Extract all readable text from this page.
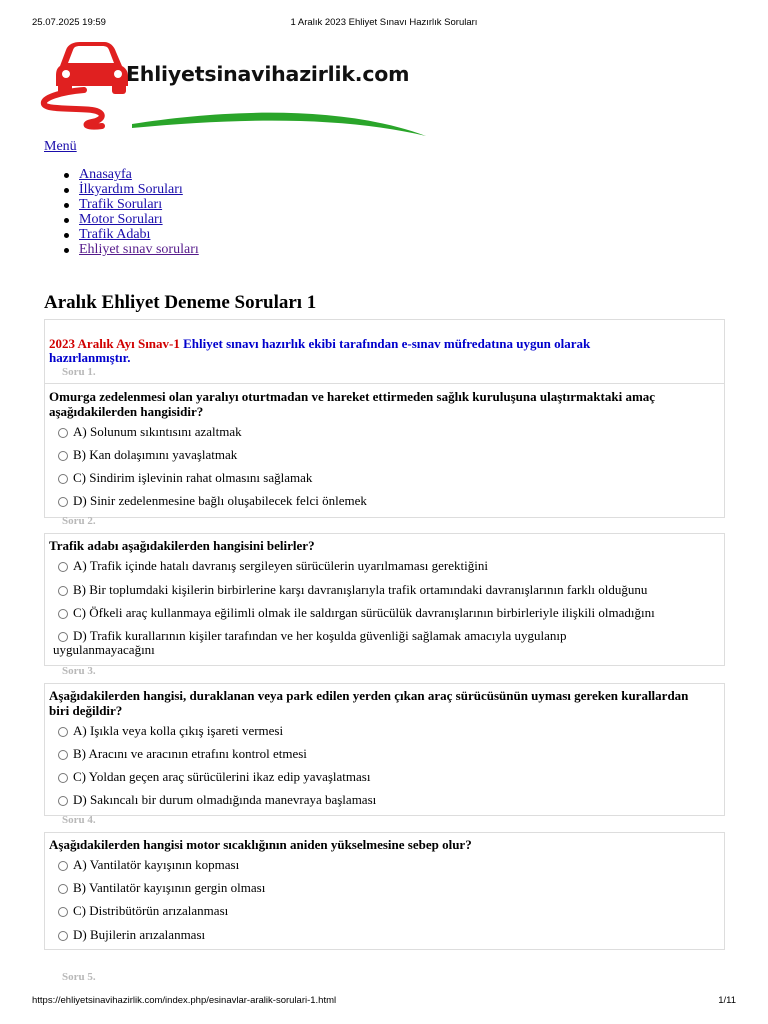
25.07.2025 19:59	1 Aralık 2023 Ehliyet Sınavı Hazırlık Soruları
Ehliyetsinavihazirlik.com
Menü
Anasayfa
İlkyardım Soruları
Trafik Soruları
Motor Soruları
Trafik Adabı
Ehliyet sınav soruları
Aralık Ehliyet Deneme Soruları 1
2023 Aralık Ayı Sınav-1 Ehliyet sınavı hazırlık ekibi tarafından e-sınav müfredatına uygun olarak hazırlanmıştır.
Soru 1.
Omurga zedelenmesi olan yaralıyı oturtmadan ve hareket ettirmeden sağlık kuruluşuna ulaştırmaktaki amaç aşağıdakilerden hangisidir?
A) Solunum sıkıntısını azaltmak
B) Kan dolaşımını yavaşlatmak
C) Sindirim işlevinin rahat olmasını sağlamak
D) Sinir zedelenmesine bağlı oluşabilecek felci önlemek
Soru 2.
Trafik adabı aşağıdakilerden hangisini belirler?
A) Trafik içinde hatalı davranış sergileyen sürücülerin uyarılmaması gerektiğini
B) Bir toplumdaki kişilerin birbirlerine karşı davranışlarıyla trafik ortamındaki davranışlarının farklı olduğunu
C) Öfkeli araç kullanmaya eğilimli olmak ile saldırgan sürücülük davranışlarının birbirleriyle ilişkili olmadığını
D) Trafik kurallarının kişiler tarafından ve her koşulda güvenliği sağlamak amacıyla uygulanıp uygulanmayacağını
Soru 3.
Aşağıdakilerden hangisi, duraklanan veya park edilen yerden çıkan araç sürücüsünün uyması gereken kurallardan biri değildir?
A) Işıkla veya kolla çıkış işareti vermesi
B) Aracını ve aracının etrafını kontrol etmesi
C) Yoldan geçen araç sürücülerini ikaz edip yavaşlatması
D) Sakıncalı bir durum olmadığında manevraya başlaması
Soru 4.
Aşağıdakilerden hangisi motor sıcaklığının aniden yükselmesine sebep olur?
A) Vantilatör kayışının kopması
B) Vantilatör kayışının gergin olması
C) Distribütörün arızalanması
D) Bujilerin arızalanması
Soru 5.
https://ehliyetsinavihazirlik.com/index.php/esinavlar-aralik-sorulari-1.html	1/11
